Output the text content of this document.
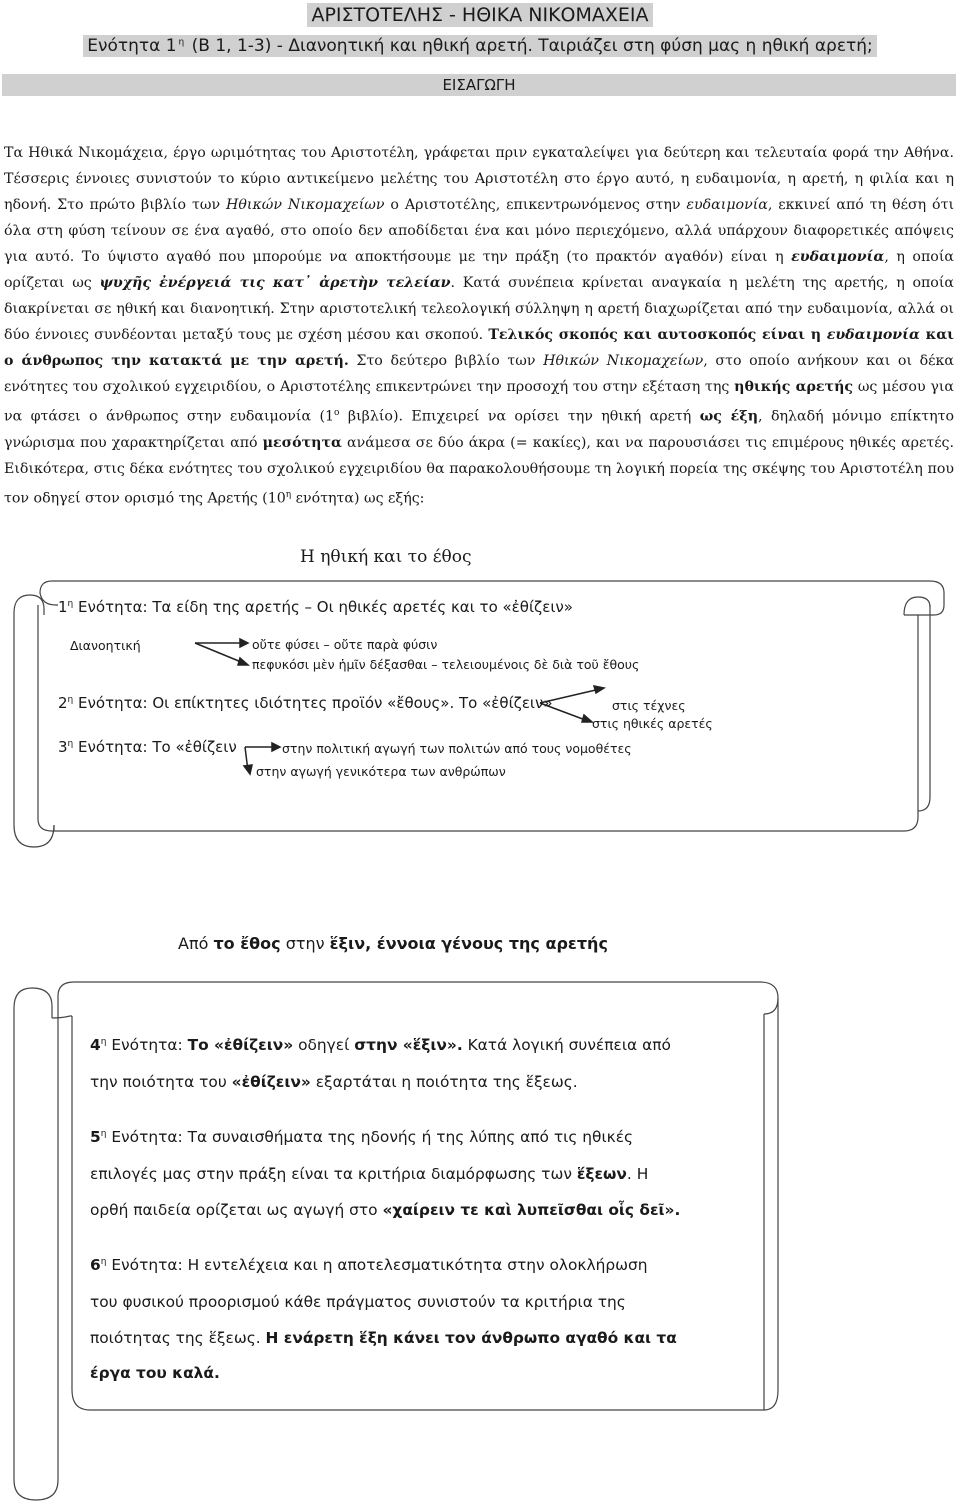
ΑΡΙΣΤΟΤΕΛΗΣ - ΗΘΙΚΑ ΝΙΚΟΜΑΧΕΙΑ
Ενότητα 1 $^\eta$ (Β 1, 1-3) - Διανοητική και ηθική αρετή. Ταιριάζει στη φύση μας η ηθική αρετή;
ΕΙΣΑΓΩΓΗ
Τα Ηθικά Νικομάχεια, έργο ωριμότητας του Αριστοτέλη, γράφεται πριν εγκαταλείψει για δεύτερη και τελευταία φορά την Αθήνα. Τέσσερις έννοιες συνιστούν το κύριο αντικείμενο μελέτης του Αριστοτέλη στο έργο αυτό, η ευδαιμονία, η αρετή, η φιλία και η ηδονή. Στο πρώτο βιβλίο των Ηθικών Νικομαχείων ο Αριστοτέλης, επικεντρωνόμενος στην ευδαιμονία, εκκινεί από τη θέση ότι όλα στη φύση τείνουν σε ένα αγαθό, στο οποίο δεν αποδίδεται ένα και μόνο περιεχόμενο, αλλά υπάρχουν διαφορετικές απόψεις για αυτό. Το ύψιστο αγαθό που μπορούμε να αποκτήσουμε με την πράξη (το πρακτόν αγαθόν) είναι η ευδαιμονία, η οποία ορίζεται ως ψυχῆς ἐνέργειά τις κατ᾽ ἀρετὴν τελείαν. Κατά συνέπεια κρίνεται αναγκαία η μελέτη της αρετής, η οποία διακρίνεται σε ηθική και διανοητική. Στην αριστοτελική τελεολογική σύλληψη η αρετή διαχωρίζεται από την ευδαιμονία, αλλά οι δύο έννοιες συνδέονται μεταξύ τους με σχέση μέσου και σκοπού. Τελικός σκοπός και αυτοσκοπός είναι η ευδαιμονία και ο άνθρωπος την κατακτά με την αρετή. Στο δεύτερο βιβλίο των Ηθικών Νικομαχείων, στο οποίο ανήκουν και οι δέκα ενότητες του σχολικού εγχειριδίου, ο Αριστοτέλης επικεντρώνει την προσοχή του στην εξέταση της ηθικής αρετής ως μέσου για να φτάσει ο άνθρωπος στην ευδαιμονία ($1^o$ βιβλίο). Επιχειρεί να ορίσει την ηθική αρετή ως έξη, δηλαδή μόνιμο επίκτητο γνώρισμα που χαρακτηρίζεται από μεσότητα ανάμεσα σε δύο άκρα (= κακίες), και να παρουσιάσει τις επιμέρους ηθικές αρετές. Ειδικότερα, στις δέκα ενότητες του σχολικού εγχειριδίου θα παρακολουθήσουμε τη λογική πορεία της σκέψης του Αριστοτέλη που τον οδηγεί στον ορισμό της Αρετής ($10^\eta$ ενότητα) ως εξής:
Η ηθική και το έθος
$1^\eta$ Ενότητα: Τα είδη της αρετής – Οι ηθικές αρετές και το «ἐθίζειν»
Διανοητική	οὔτε φύσει – οὔτε παρὰ φύσιν
πεφυκόσι μὲν ἡμῖν δέξασθαι – τελειουμένοις δὲ διὰ τοῦ ἔθους
$2^\eta$ Ενότητα: Οι επίκτητες ιδιότητες προϊόν «ἔθους». Το «ἐθίζειν»	στις τέχνες
στις ηθικές αρετές
$3^\eta$ Ενότητα: Το «ἐθίζειν	στην πολιτική αγωγή των πολιτών από τους νομοθέτες
στην αγωγή γενικότερα των ανθρώπων
Από το ἔθος στην ἕξιν, έννοια γένους της αρετής
$4^\eta$ Ενότητα: Το «ἐθίζειν» οδηγεί στην «ἕξιν». Κατά λογική συνέπεια από
την ποιότητα του «ἐθίζειν» εξαρτάται η ποιότητα της ἕξεως.
$5^\eta$ Ενότητα: Τα συναισθήματα της ηδονής ή της λύπης από τις ηθικές
επιλογές μας στην πράξη είναι τα κριτήρια διαμόρφωσης των ἕξεων. Η
ορθή παιδεία ορίζεται ως αγωγή στο «χαίρειν τε καὶ λυπεῖσθαι οἷς δεῖ».
$6^\eta$ Ενότητα: Η εντελέχεια και η αποτελεσματικότητα στην ολοκλήρωση
του φυσικού προορισμού κάθε πράγματος συνιστούν τα κριτήρια της
ποιότητας της ἕξεως. Η ενάρετη ἕξη κάνει τον άνθρωπο αγαθό και τα
έργα του καλά.
